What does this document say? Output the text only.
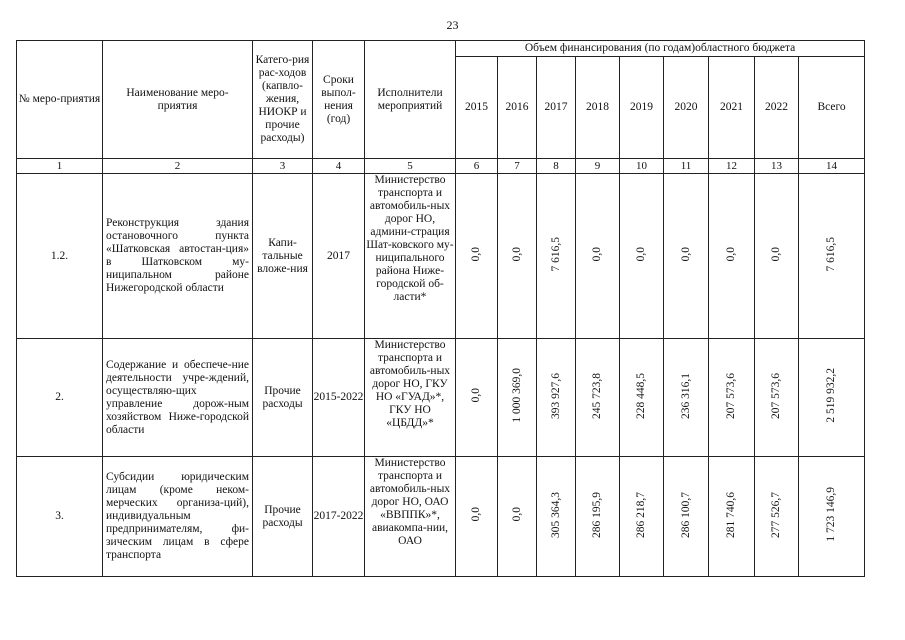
23
№ меро-приятия	Наименование меро-приятия	Катего-рия рас-ходов (капвло-жения, НИОКР и прочие расходы)	Сроки выпол-нения (год)	Исполнители мероприятий	Объем финансирования (по годам)областного бюджета								
					2015	2016	2017	2018	2019	2020	2021	2022	Всего
1	2	3	4	5	6	7	8	9	10	11	12	13	14
1.2.	Реконструкция здания остановочного пункта «Шатковская автостан-ция» в Шатковском му-ниципальном районе Нижегородской области	Капи-тальные вложе-ния	2017	Министерство транспорта и автомобиль-ных дорог НО, админи-страция Шат-ковского му-ниципального района Нижe-городской об-ласти*	0,0	0,0	7 616,5	0,0	0,0	0,0	0,0	0,0	7 616,5
2.	Содержание и обеспече-ние деятельности учре-ждений, осуществляю-щих управление дорож-ным хозяйством Ниже-городской области	Прочие расходы	2015-2022	Министерство транспорта и автомобиль-ных дорог НО, ГКУ НО «ГУАД»*, ГКУ НО «ЦБДД»*	0,0	1 000 369,0	393 927,6	245 723,8	228 448,5	236 316,1	207 573,6	207 573,6	2 519 932,2
3.	Субсидии юридическим лицам (кроме неком-мерческих организа-ций), индивидуальным предпринимателям, фи-зическим лицам в сфере транспорта	Прочие расходы	2017-2022	Министерство транспорта и автомобиль-ных дорог НО, ОАО «ВВППК»*, авиакомпа-нии, ОАО	0,0	0,0	305 364,3	286 195,9	286 218,7	286 100,7	281 740,6	277 526,7	1 723 146,9
